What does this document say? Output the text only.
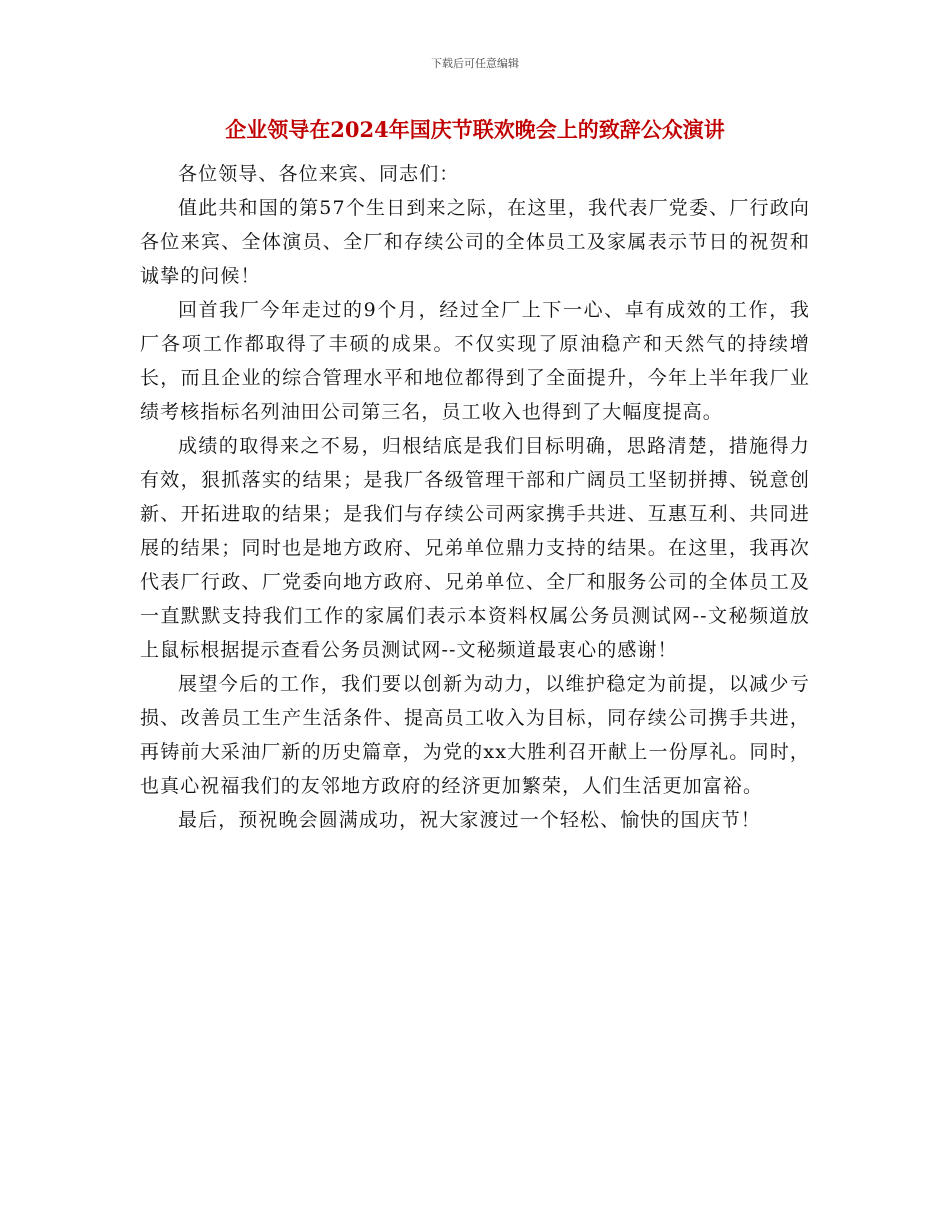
下载后可任意编辑
企业领导在2024年国庆节联欢晚会上的致辞公众演讲

各位领导、各位来宾、同志们：

值此共和国的第57个生日到来之际，在这里，我代表厂党委、厂行政向各位来宾、全体演员、全厂和存续公司的全体员工及家属表示节日的祝贺和诚挚的问候！

回首我厂今年走过的9个月，经过全厂上下一心、卓有成效的工作，我厂各项工作都取得了丰硕的成果。不仅实现了原油稳产和天然气的持续增长，而且企业的综合管理水平和地位都得到了全面提升，今年上半年我厂业绩考核指标名列油田公司第三名，员工收入也得到了大幅度提高。

成绩的取得来之不易，归根结底是我们目标明确，思路清楚，措施得力有效，狠抓落实的结果；是我厂各级管理干部和广阔员工坚韧拼搏、锐意创新、开拓进取的结果；是我们与存续公司两家携手共进、互惠互利、共同进展的结果；同时也是地方政府、兄弟单位鼎力支持的结果。在这里，我再次代表厂行政、厂党委向地方政府、兄弟单位、全厂和服务公司的全体员工及一直默默支持我们工作的家属们表示本资料权属公务员测试网--文秘频道放上鼠标根据提示查看公务员测试网--文秘频道最衷心的感谢！

展望今后的工作，我们要以创新为动力，以维护稳定为前提，以减少亏损、改善员工生产生活条件、提高员工收入为目标，同存续公司携手共进，再铸前大采油厂新的历史篇章，为党的xx大胜利召开献上一份厚礼。同时，也真心祝福我们的友邻地方政府的经济更加繁荣，人们生活更加富裕。

最后，预祝晚会圆满成功，祝大家渡过一个轻松、愉快的国庆节！
